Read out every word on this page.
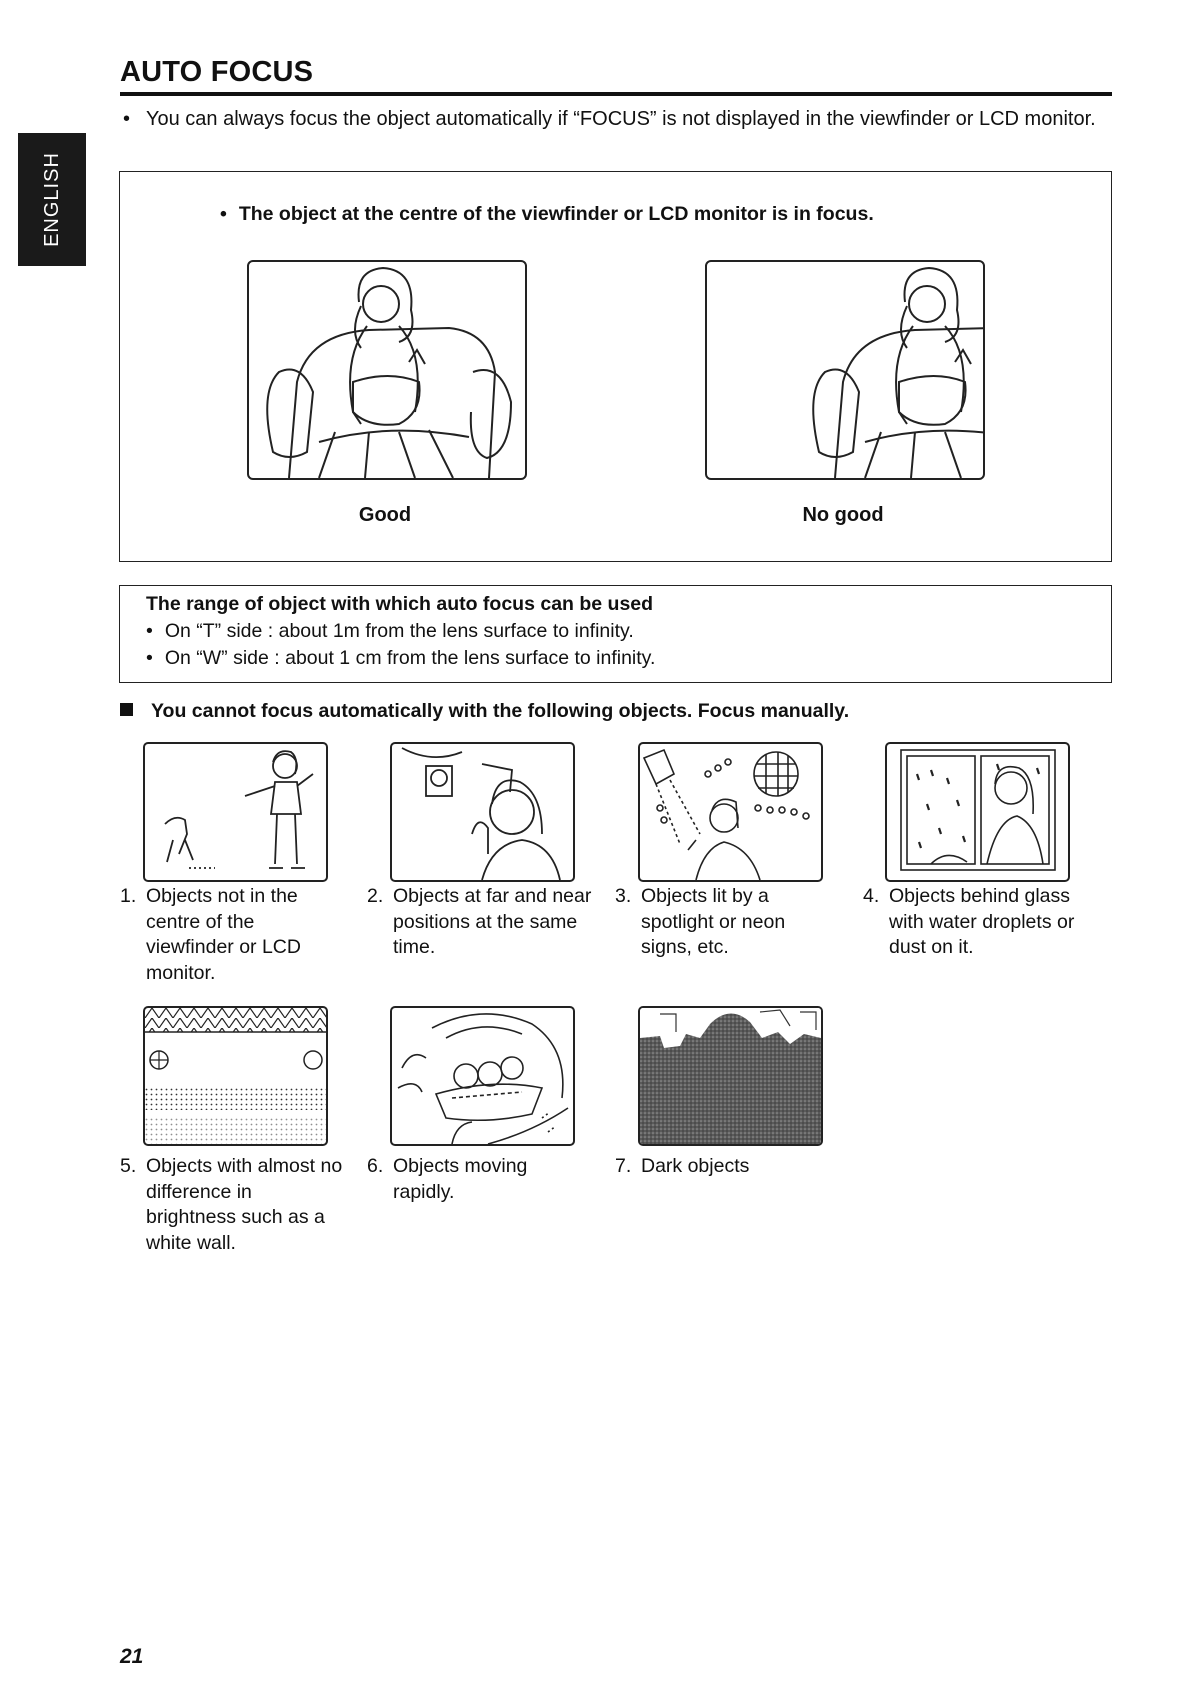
ENGLISH
AUTO FOCUS
• You can always focus the object automatically if “FOCUS” is not displayed in the viewfinder or LCD monitor.
• The object at the centre of the viewfinder or LCD monitor is in focus.
Good	No good
The range of object with which auto focus can be used
• On “T” side : about 1m from the lens surface to infinity.
• On “W” side : about 1 cm from the lens surface to infinity.
You cannot focus automatically with the following objects. Focus manually.
1. Objects not in the centre of the viewfinder or LCD monitor.
2. Objects at far and near positions at the same time.
3. Objects lit by a spotlight or neon signs, etc.
4. Objects behind glass with water droplets or dust on it.
5. Objects with almost no difference in brightness such as a white wall.
6. Objects moving rapidly.
7. Dark objects
21
